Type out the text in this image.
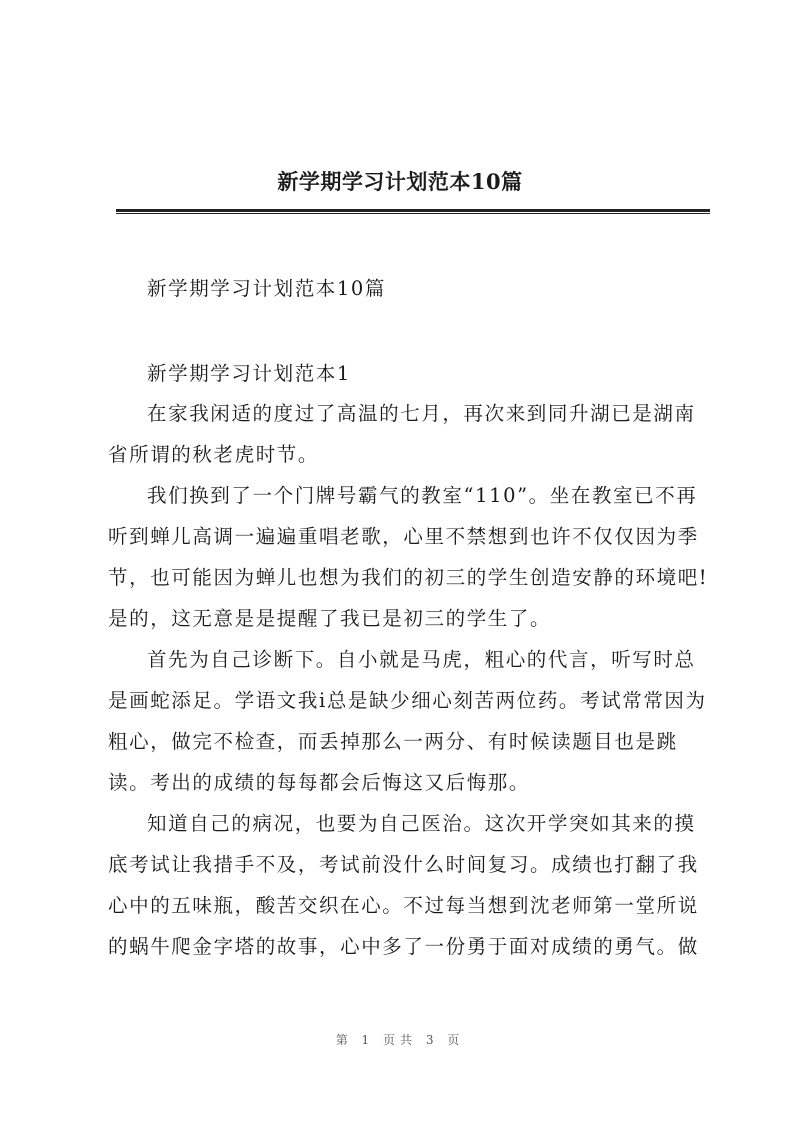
新学期学习计划范本10篇
新学期学习计划范本10篇
新学期学习计划范本1

在家我闲适的度过了高温的七月，再次来到同升湖已是湖南省所谓的秋老虎时节。

我们换到了一个门牌号霸气的教室“110”。坐在教室已不再听到蝉儿高调一遍遍重唱老歌，心里不禁想到也许不仅仅因为季节，也可能因为蝉儿也想为我们的初三的学生创造安静的环境吧!是的，这无意是是提醒了我已是初三的学生了。

首先为自己诊断下。自小就是马虎，粗心的代言，听写时总是画蛇添足。学语文我i总是缺少细心刻苦两位药。考试常常因为粗心，做完不检查，而丢掉那么一两分、有时候读题目也是跳读。考出的成绩的每每都会后悔这又后悔那。

知道自己的病况，也要为自己医治。这次开学突如其来的摸底考试让我措手不及，考试前没什么时间复习。成绩也打翻了我心中的五味瓶，酸苦交织在心。不过每当想到沈老师第一堂所说的蜗牛爬金字塔的故事，心中多了一份勇于面对成绩的勇气。做

第 1 页共 3 页
